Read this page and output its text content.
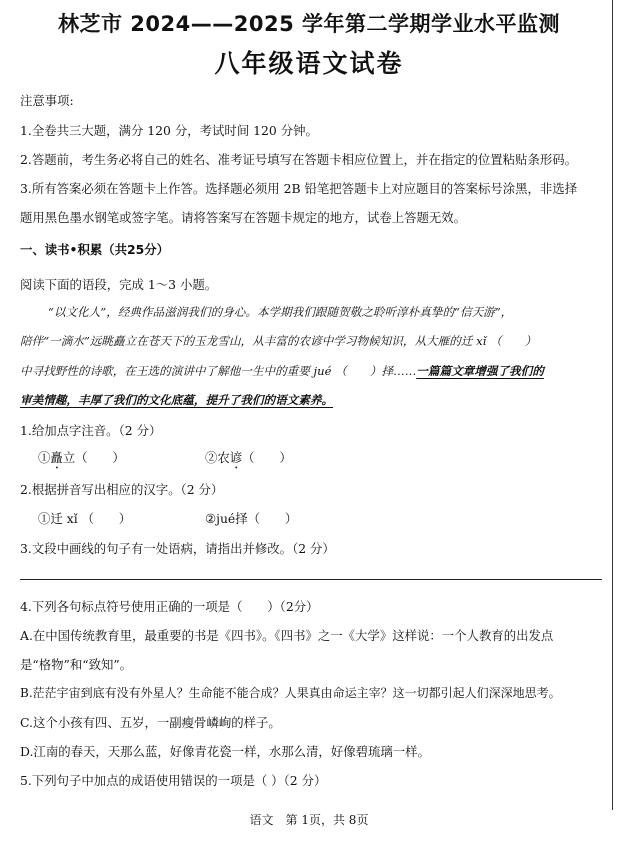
林芝市 2024——2025 学年第二学期学业水平监测
八年级语文试卷
注意事项:
1.全卷共三大题，满分 120 分，考试时间 120 分钟。
2.答题前，考生务必将自己的姓名、准考证号填写在答题卡相应位置上，并在指定的位置粘贴条形码。
3.所有答案必须在答题卡上作答。选择题必须用 2B 铅笔把答题卡上对应题目的答案标号涂黑，非选择
题用黑色墨水钢笔或签字笔。请将答案写在答题卡规定的地方，试卷上答题无效。
一、读书•积累（共25分）
阅读下面的语段，完成 1～3 小题。
“以文化人”，经典作品滋润我们的身心。本学期我们跟随贺敬之聆听淳朴真挚的“信天游”，
陪伴“一滴水”远眺矗立在苍天下的玉龙雪山，从丰富的农谚中学习物候知识，从大雁的迁 xǐ （　　）
中寻找野性的诗歌，在王选的演讲中了解他一生中的重要 jué （　　）择……一篇篇文章增强了我们的
审美情趣，丰厚了我们的文化底蕴，提升了我们的语文素养。
1.给加点字注音。（2 分）
①矗立（　　）	②农谚（　　）
2.根据拼音写出相应的汉字。（2 分）
①迁 xǐ （　　）	②jué择（　　）
3.文段中画线的句子有一处语病，请指出并修改。（2 分）
4.下列各句标点符号使用正确的一项是（　　）（2分）
A.在中国传统教育里，最重要的书是《四书》。《四书》之一《大学》这样说：一个人教育的出发点
是“格物”和“致知”。
B.茫茫宇宙到底有没有外星人？生命能不能合成？人果真由命运主宰？这一切都引起人们深深地思考。
C.这个小孩有四、五岁，一副瘦骨嶙峋的样子。
D.江南的春天，天那么蓝，好像青花瓷一样，水那么清，好像碧琉璃一样。
5.下列句子中加点的成语使用错误的一项是（ ）（2 分）
语文　第 1页，共 8页
